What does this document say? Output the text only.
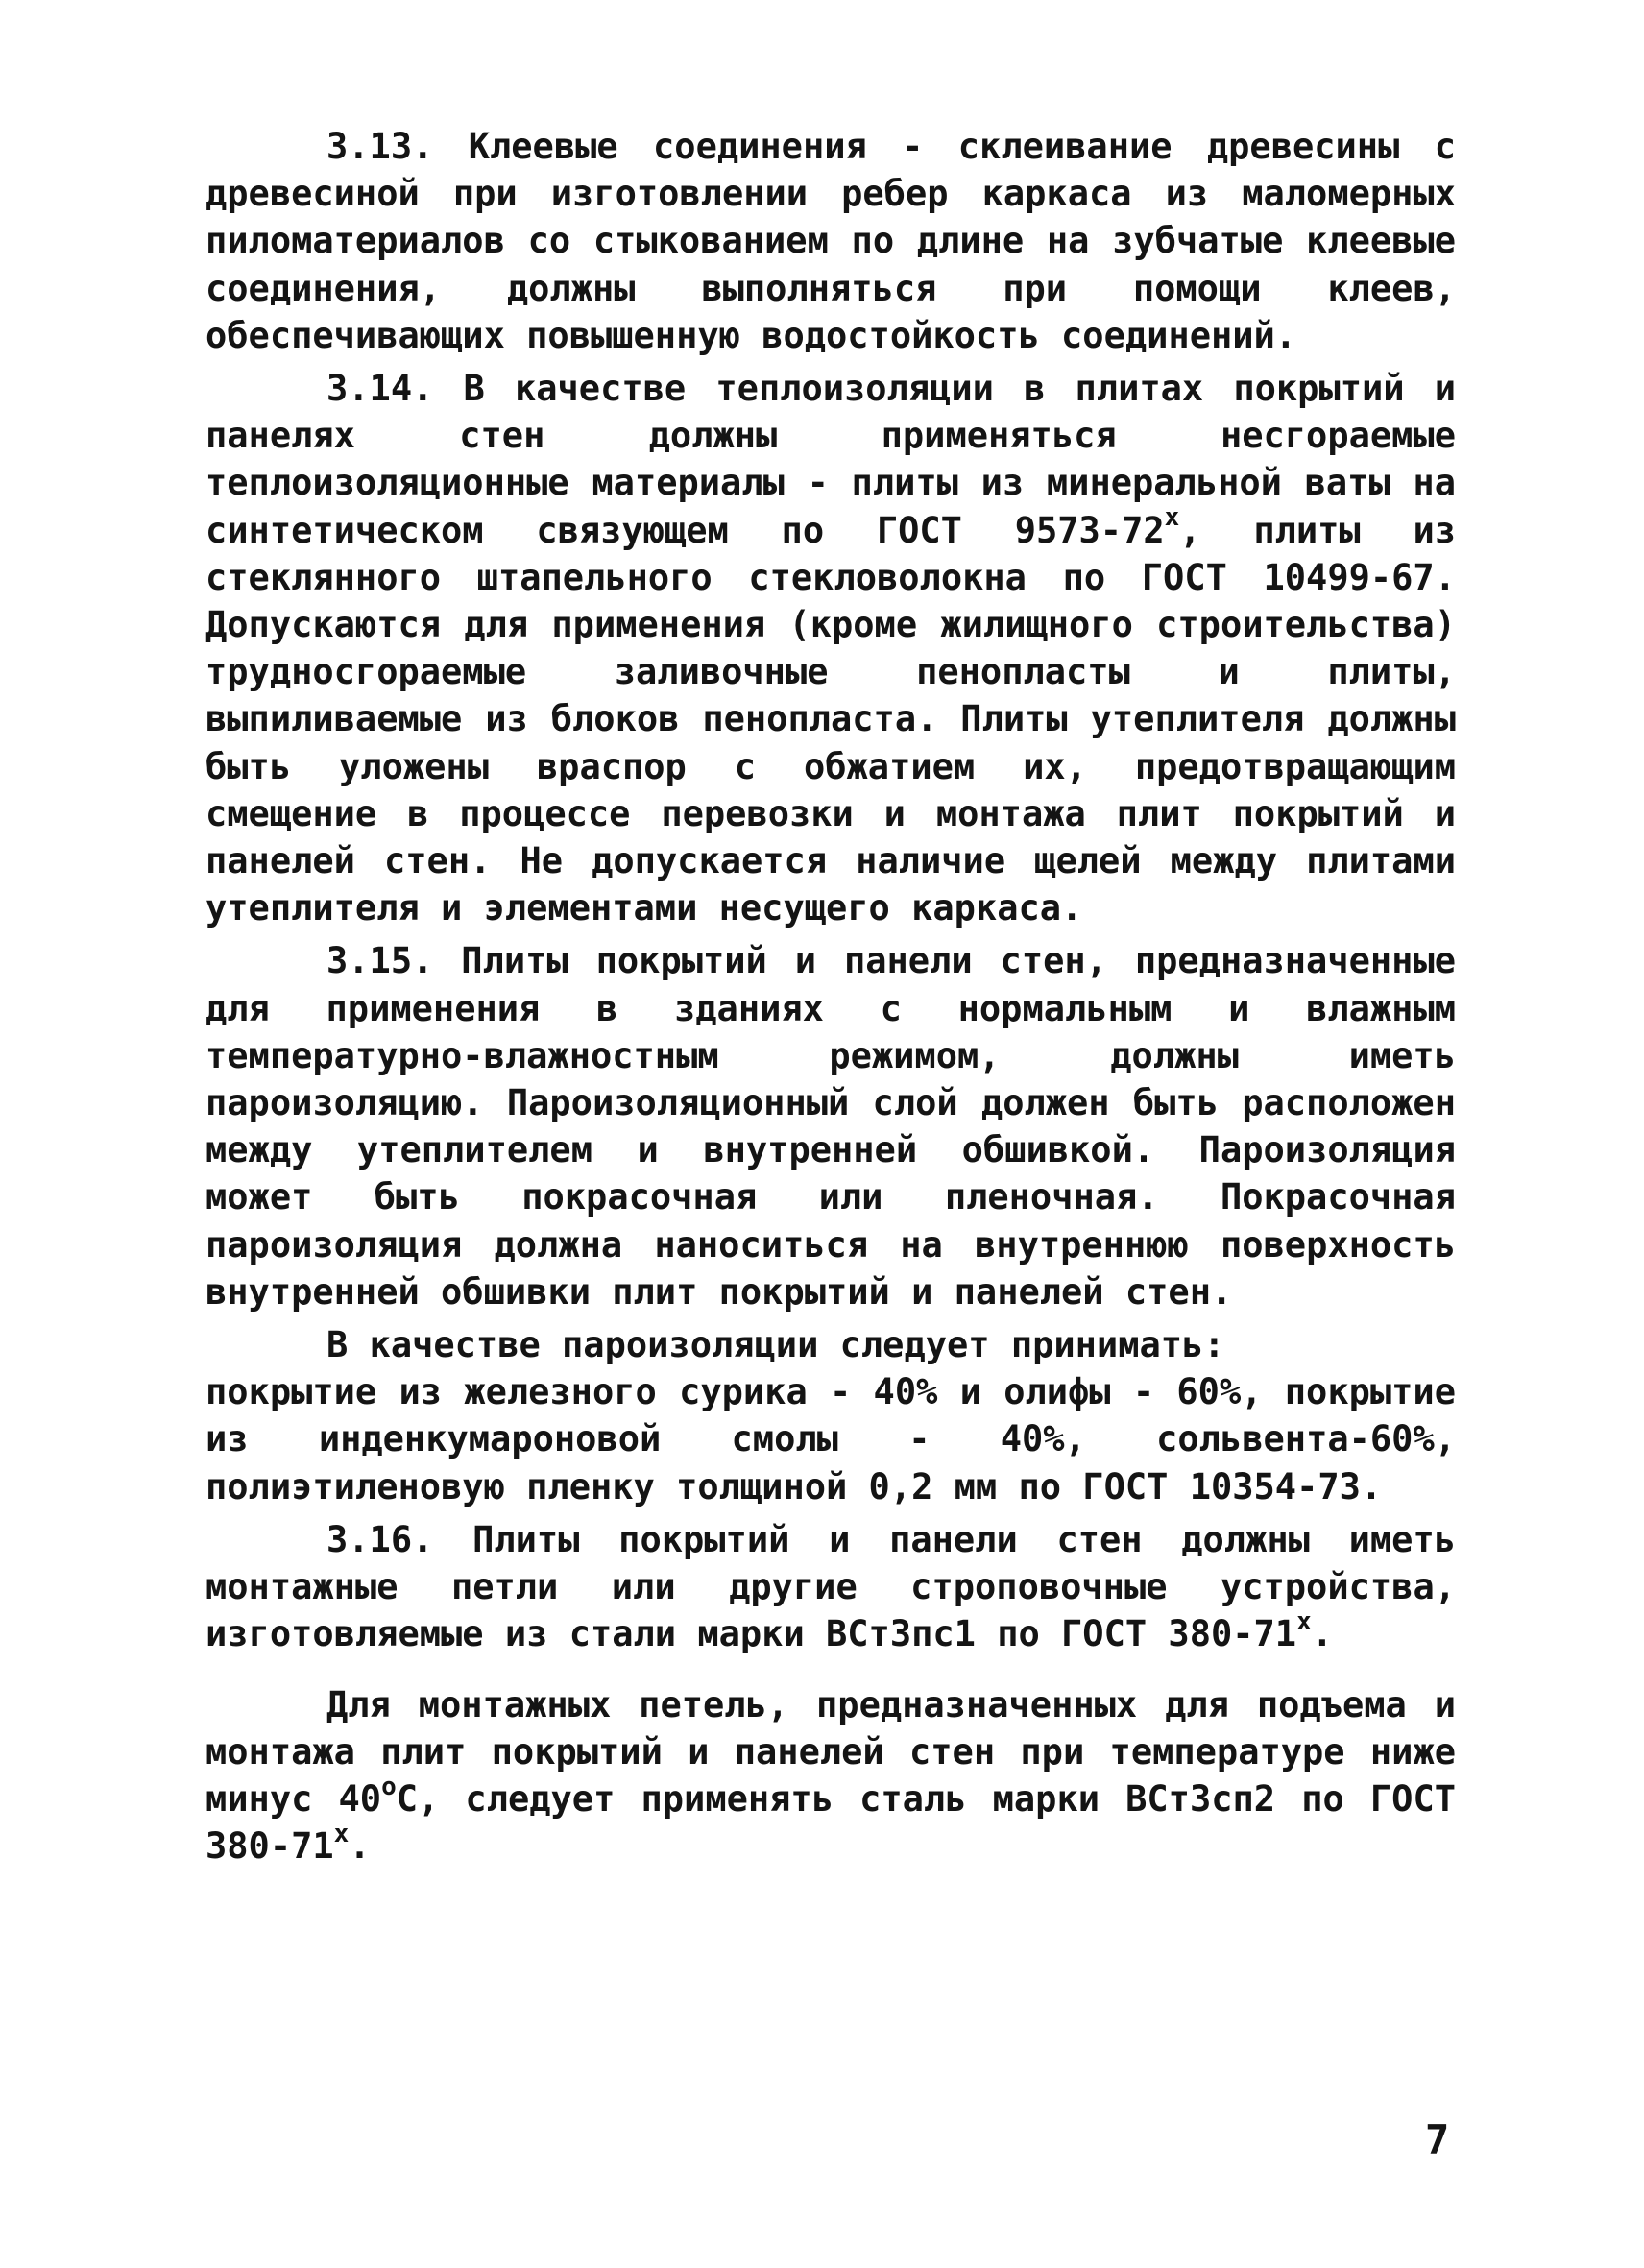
3.13. Клеевые соединения - склеивание древесины с древесиной при изготовлении ребер каркаса из маломерных пиломатериалов со стыкованием по длине на зубчатые клеевые соединения, должны выполняться при помощи клеев, обеспечивающих повышенную водостойкость соединений.

3.14. В качестве теплоизоляции в плитах покрытий и панелях стен должны применяться несгораемые теплоизоляционные материалы - плиты из минеральной ваты на синтетическом связующем по ГОСТ $9573-72^х$, плиты из стеклянного штапельного стекловолокна по ГОСТ 10499-67. Допускаются для применения (кроме жилищного строительства) трудносгораемые заливочные пенопласты и плиты, выпиливаемые из блоков пенопласта. Плиты утеплителя должны быть уложены враспор с обжатием их, предотвращающим смещение в процессе перевозки и монтажа плит покрытий и панелей стен. Не допускается наличие щелей между плитами утеплителя и элементами несущего каркаса.

3.15. Плиты покрытий и панели стен, предназначенные для применения в зданиях с нормальным и влажным температурно-влажностным режимом, должны иметь пароизоляцию. Пароизоляционный слой должен быть расположен между утеплителем и внутренней обшивкой. Пароизоляция может быть покрасочная или пленочная. Покрасочная пароизоляция должна наноситься на внутреннюю поверхность внутренней обшивки плит покрытий и панелей стен.

В качестве пароизоляции следует принимать:

покрытие из железного сурика - 40% и олифы - 60%, покрытие из инденкумароновой смолы - 40%, сольвента-60%, полиэтиленовую пленку толщиной 0,2 мм по ГОСТ 10354-73.

3.16. Плиты покрытий и панели стен должны иметь монтажные петли или другие строповочные устройства, изготовляемые из стали марки ВСт3пс1 по ГОСТ $380-71^х$.

Для монтажных петель, предназначенных для подъема и монтажа плит покрытий и панелей стен при температуре ниже минус $40^оС$, следует применять сталь марки ВСт3сп2 по ГОСТ $380-71^х$.

7
